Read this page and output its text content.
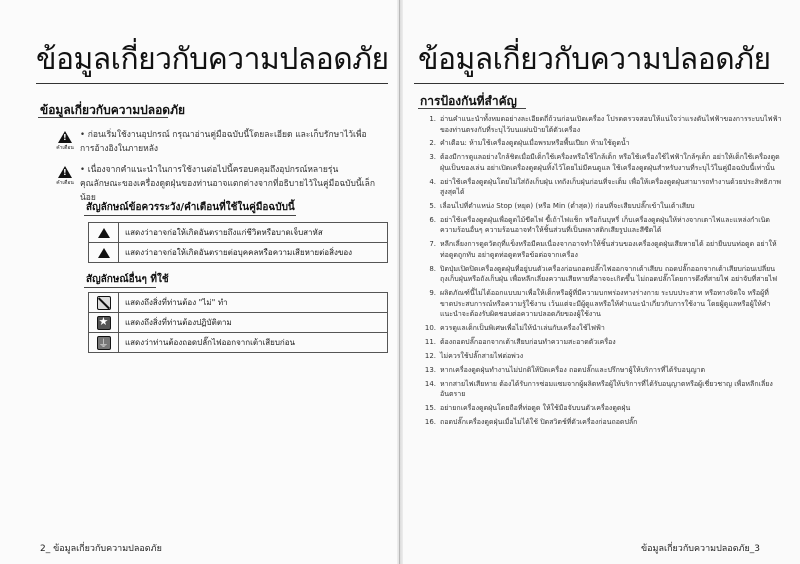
ข้อมูลเกี่ยวกับความปลอดภัย
ข้อมูลเกี่ยวกับความปลอดภัย
!
คำเตือน
• ก่อนเริ่มใช้งานอุปกรณ์ กรุณาอ่านคู่มือฉบับนี้โดยละเอียด และเก็บรักษาไว้เพื่อการอ้างอิงในภายหลัง
!
คำเตือน
• เนื่องจากคำแนะนำในการใช้งานต่อไปนี้ครอบคลุมถึงอุปกรณ์หลายรุ่น คุณลักษณะของเครื่องดูดฝุ่นของท่านอาจแตกต่างจากที่อธิบายไว้ในคู่มือฉบับนี้เล็กน้อย
สัญลักษณ์ข้อควรระวัง/คำเตือนที่ใช้ในคู่มือฉบับนี้
	แสดงว่าอาจก่อให้เกิดอันตรายถึงแก่ชีวิตหรือบาดเจ็บสาหัส
	แสดงว่าอาจก่อให้เกิดอันตรายต่อบุคคลหรือความเสียหายต่อสิ่งของ
สัญลักษณ์อื่นๆ ที่ใช้
	แสดงถึงสิ่งที่ท่านต้อง "ไม่" ทำ
★	แสดงถึงสิ่งที่ท่านต้องปฏิบัติตาม
⏚	แสดงว่าท่านต้องถอดปลั๊กไฟออกจากเต้าเสียบก่อน
2_ ข้อมูลเกี่ยวกับความปลอดภัย
ข้อมูลเกี่ยวกับความปลอดภัย
การป้องกันที่สำคัญ
1. อ่านคำแนะนำทั้งหมดอย่างละเอียดถี่ถ้วนก่อนเปิดเครื่อง โปรดตรวจสอบให้แน่ใจว่าแรงดันไฟฟ้าของการระบบไฟฟ้าของท่านตรงกับที่ระบุไว้บนแผ่นป้ายใต้ตัวเครื่อง
2. คำเตือน: ห้ามใช้เครื่องดูดฝุ่นเมื่อพรมหรือพื้นเปียก ห้ามใช้ดูดน้ำ
3. ต้องมีการดูแลอย่างใกล้ชิดเมื่อมีเด็กใช้เครื่องหรือใช้ใกล้เด็ก หรือใช้เครื่องใช้ไฟฟ้าใกล้ๆเด็ก อย่าให้เด็กใช้เครื่องดูดฝุ่นเป็นของเล่น อย่าเปิดเครื่องดูดฝุ่นทิ้งไว้โดยไม่มีคนดูแล ใช้เครื่องดูดฝุ่นสำหรับงานที่ระบุไว้ในคู่มือฉบับนี้เท่านั้น
4. อย่าใช้เครื่องดูดฝุ่นโดยไม่ใส่ถังเก็บฝุ่น เทถังเก็บฝุ่นก่อนที่จะเต็ม เพื่อให้เครื่องดูดฝุ่นสามารถทำงานด้วยประสิทธิภาพสูงสุดได้
5. เลื่อนไปที่ตำแหน่ง Stop (หยุด) (หรือ Min (ต่ำสุด)) ก่อนที่จะเสียบปลั๊กเข้าในเต้าเสียบ
6. อย่าใช้เครื่องดูดฝุ่นเพื่อดูดไม้ขีดไฟ ขี้เถ้าไฟแช็ก หรือก้นบุหรี่ เก็บเครื่องดูดฝุ่นให้ห่างจากเตาไฟและแหล่งกำเนิดความร้อนอื่นๆ ความร้อนอาจทำให้ชิ้นส่วนที่เป็นพลาสติกเสียรูปและสีซีดได้
7. หลีกเลี่ยงการดูดวัตถุที่แข็งหรือมีคมเนื่องจากอาจทำให้ชิ้นส่วนของเครื่องดูดฝุ่นเสียหายได้ อย่ายืนบนท่อดูด อย่าให้ท่อดูดถูกทับ อย่าดูดท่อดูดหรือข้อต่อจากเครื่อง
8. ปิดปุ่มเปิดปิดเครื่องดูดฝุ่นที่อยู่บนตัวเครื่องก่อนถอดปลั๊กไฟออกจากเต้าเสียบ ถอดปลั๊กออกจากเต้าเสียบก่อนเปลี่ยนถุงเก็บฝุ่นหรือถังเก็บฝุ่น เพื่อหลีกเลี่ยงความเสียหายที่อาจจะเกิดขึ้น ไม่ถอดปลั๊กโดยการดึงที่สายไฟ อย่าจับที่สายไฟ
9. ผลิตภัณฑ์นี้ไม่ได้ออกแบบมาเพื่อให้เด็กหรือผู้ที่มีความบกพร่องทางร่างกาย ระบบประสาท หรือทางจิตใจ หรือผู้ที่ขาดประสบการณ์หรือความรู้ใช้งาน เว้นแต่จะมีผู้ดูแลหรือให้คำแนะนำเกี่ยวกับการใช้งาน โดยผู้ดูแลหรือผู้ให้คำแนะนำจะต้องรับผิดชอบต่อความปลอดภัยของผู้ใช้งาน
10. ควรดูแลเด็กเป็นพิเศษเพื่อไม่ให้นำเล่นกับเครื่องใช้ไฟฟ้า
11. ต้องถอดปลั๊กออกจากเต้าเสียบก่อนทำความสะอาดตัวเครื่อง
12. ไม่ควรใช้ปลั๊กสายไฟต่อพ่วง
13. หากเครื่องดูดฝุ่นทำงานไม่ปกติให้ปิดเครื่อง ถอดปลั๊กและปรึกษาผู้ให้บริการที่ได้รับอนุญาต
14. หากสายไฟเสียหาย ต้องได้รับการซ่อมแซมจากผู้ผลิตหรือผู้ให้บริการที่ได้รับอนุญาตหรือผู้เชี่ยวชาญ เพื่อหลีกเลี่ยงอันตราย
15. อย่ายกเครื่องดูดฝุ่นโดยถือที่ท่อดูด ให้ใช้มือจับบนตัวเครื่องดูดฝุ่น
16. ถอดปลั๊กเครื่องดูดฝุ่นเมื่อไม่ได้ใช้ ปิดสวิตช์ที่ตัวเครื่องก่อนถอดปลั๊ก
ข้อมูลเกี่ยวกับความปลอดภัย_3
